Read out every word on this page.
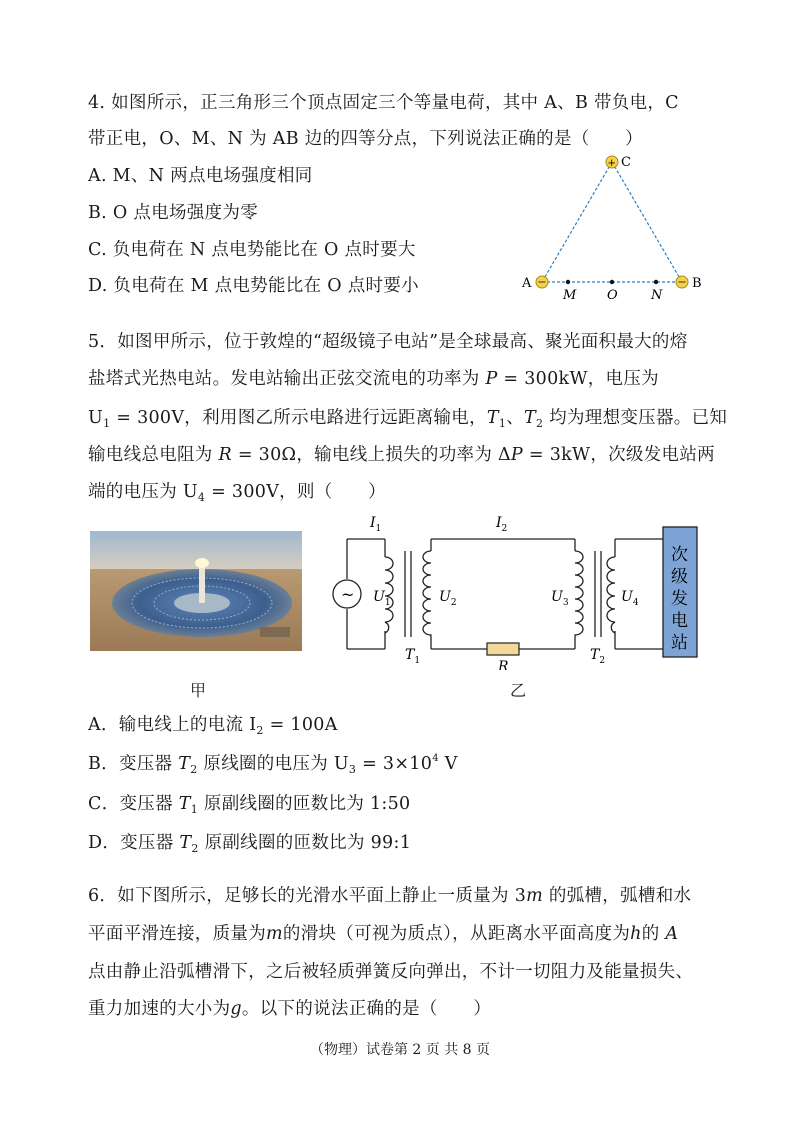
4. 如图所示，正三角形三个顶点固定三个等量电荷，其中 A、B 带负电，C
带正电，O、M、N 为 AB 边的四等分点，下列说法正确的是（　　）
A. M、N 两点电场强度相同
B. O 点电场强度为零
C. 负电荷在 N 点电势能比在 O 点时要大
D. 负电荷在 M 点电势能比在 O 点时要小
+ C
A	B
M O	N
5．如图甲所示，位于敦煌的“超级镜子电站”是全球最高、聚光面积最大的熔
盐塔式光热电站。发电站输出正弦交流电的功率为 P = 300kW，电压为
$U_1 = 300V$，利用图乙所示电路进行远距离输电，$T_1$、$T_2$ 均为理想变压器。已知
输电线总电阻为 R = 30Ω，输电线上损失的功率为 ΔP = 3kW，次级发电站两
端的电压为 $U_4 = 300V$，则（　　）
~
次
级
发
电
站
$I_1$	$I_2$
$U_1$	$U_2$	$U_3$	$U_4$
$T_1$	$T_2$
R
甲	乙
A．输电线上的电流 $I_2 = 100A$
B．变压器 $T_2$ 原线圈的电压为 $U_3 = 3\times 10^4$ V
C．变压器 $T_1$ 原副线圈的匝数比为 1:50
D．变压器 $T_2$ 原副线圈的匝数比为 99:1
6．如下图所示，足够长的光滑水平面上静止一质量为 3m 的弧槽，弧槽和水
平面平滑连接，质量为m的滑块（可视为质点），从距离水平面高度为h的 A
点由静止沿弧槽滑下，之后被轻质弹簧反向弹出，不计一切阻力及能量损失、
重力加速的大小为g。以下的说法正确的是（　　）
（物理）试卷第 2 页 共 8 页
